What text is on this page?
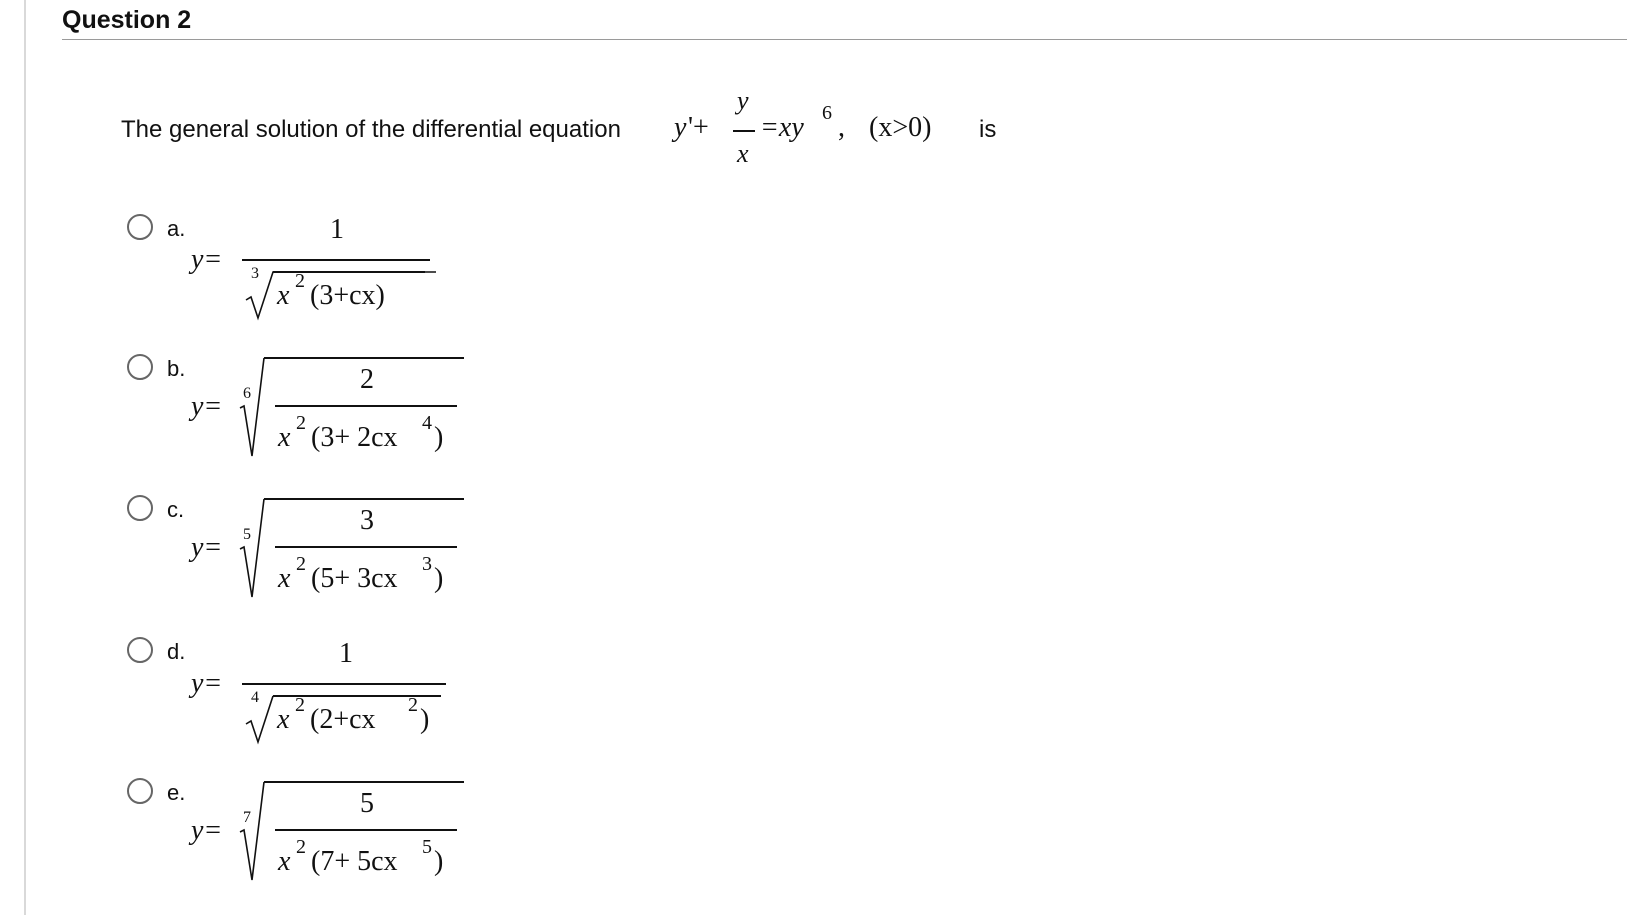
Question 2
The general solution of the differential equation y '+
y
x
=xy 6 , (x>0) is
a.
y=
1
3
x 2 (3+cx)
b.
y= 6	2
x 2 (3+ 2cx 4 )
c.
y= 5	3
x 2 (5+ 3cx 3 )
d.
y=
1
4
x 2 (2+cx 2 )
e.
y= 7	5
x 2 (7+ 5cx 5 )
